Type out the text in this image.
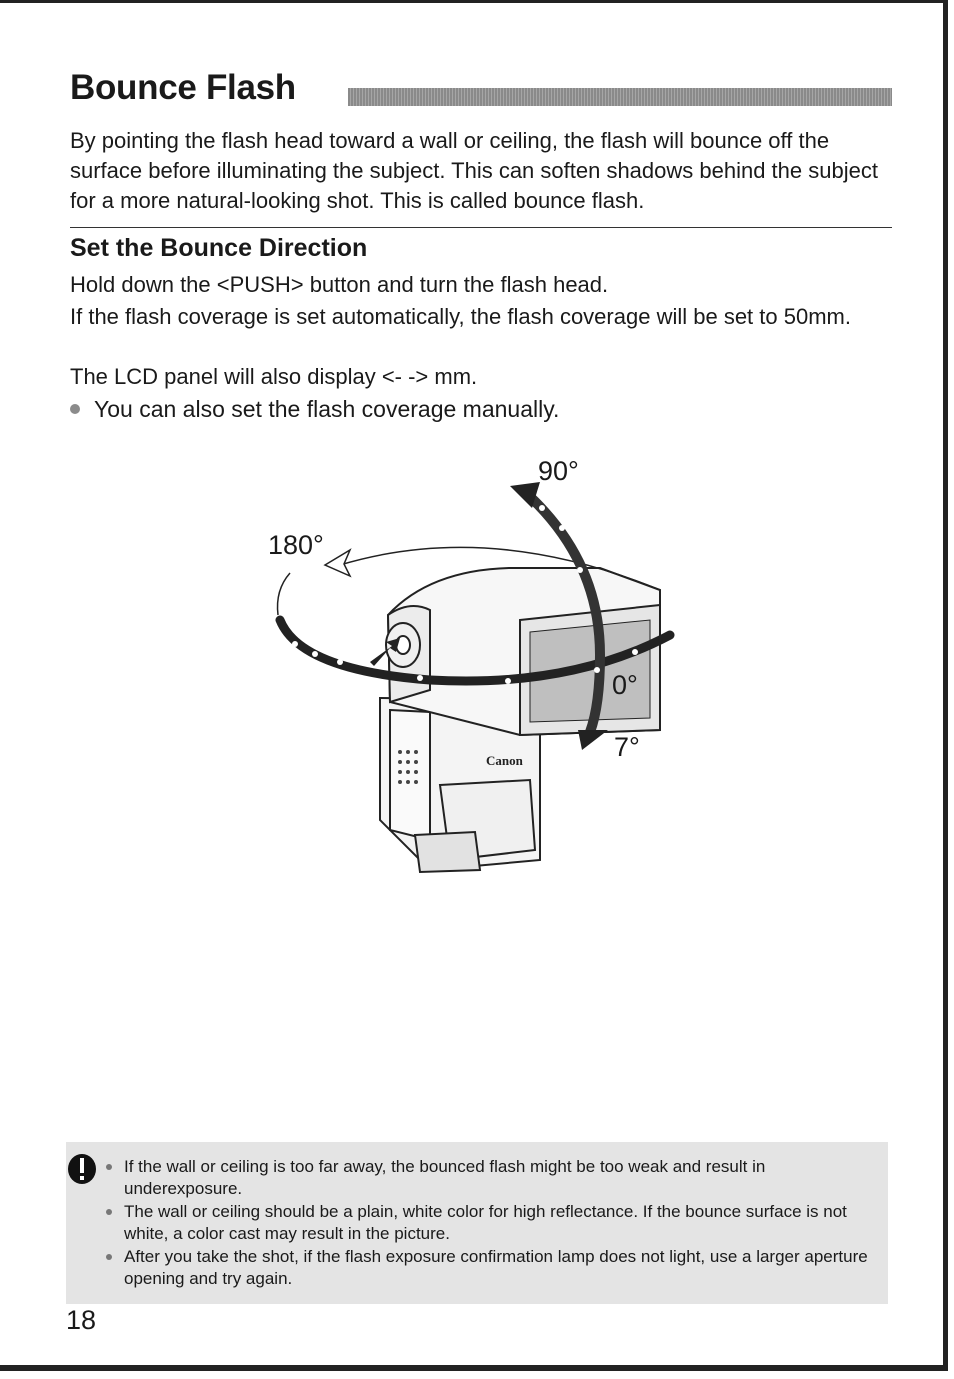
Bounce Flash

By pointing the flash head toward a wall or ceiling, the flash will bounce off the surface before illuminating the subject. This can soften shadows behind the subject for a more natural-looking shot. This is called bounce flash.

Set the Bounce Direction

Hold down the <PUSH> button and turn the flash head.

If the flash coverage is set automatically, the flash coverage will be set to 50mm.

The LCD panel will also display <- -> mm.

You can also set the flash coverage manually.
Canon
90°
180°
0°
7°
If the wall or ceiling is too far away, the bounced flash might be too weak and result in underexposure.
The wall or ceiling should be a plain, white color for high reflectance. If the bounce surface is not white, a color cast may result in the picture.
After you take the shot, if the flash exposure confirmation lamp does not light, use a larger aperture opening and try again.
18
